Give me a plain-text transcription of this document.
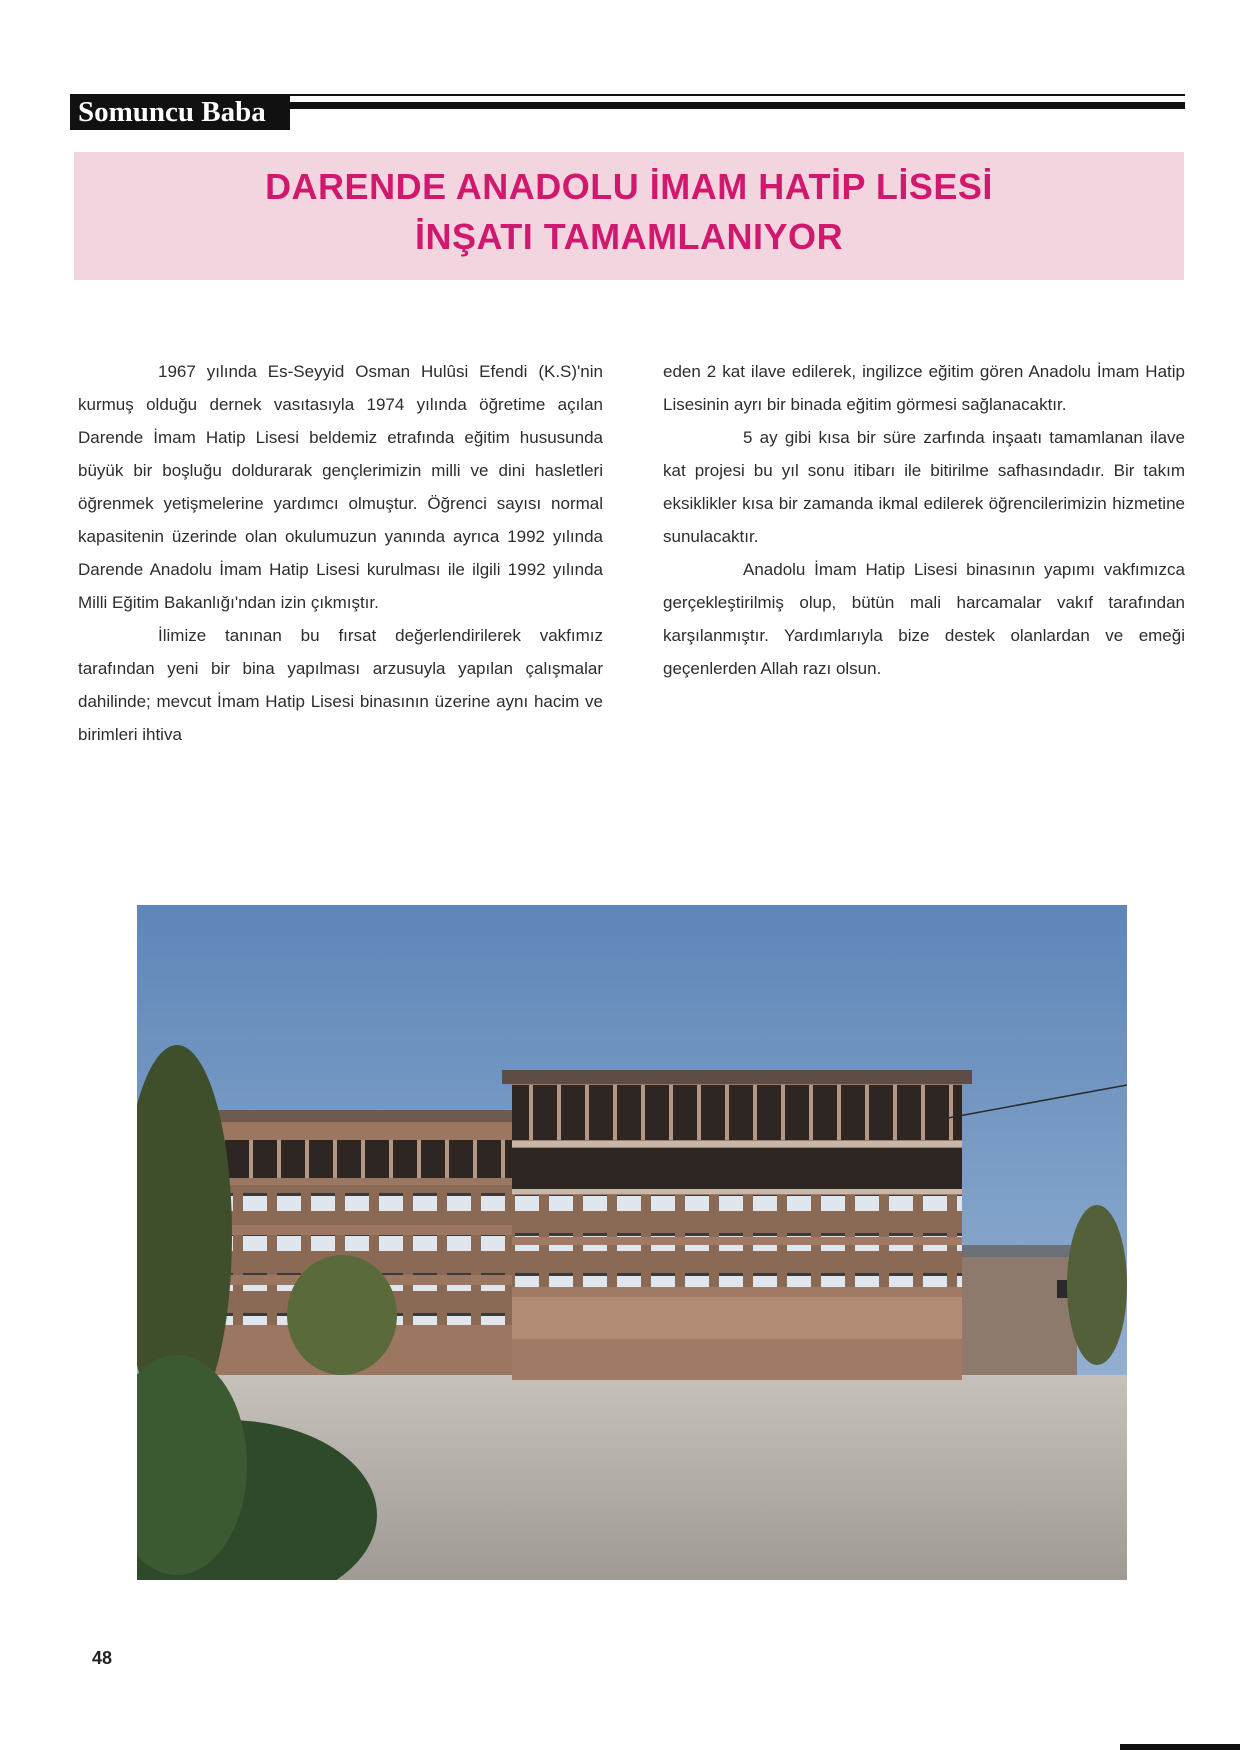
Somuncu Baba
DARENDE ANADOLU İMAM HATİP LİSESİ
İNŞATI TAMAMLANIYOR

1967 yılında Es-Seyyid Osman Hulûsi Efendi (K.S)'nin kurmuş olduğu dernek vasıtasıyla 1974 yılında öğretime açılan Darende İmam Hatip Lisesi beldemiz etrafında eğitim hususunda büyük bir boşluğu doldurarak gençlerimizin milli ve dini hasletleri öğrenmek yetişmelerine yardımcı olmuştur. Öğrenci sayısı normal kapasitenin üzerinde olan okulumuzun yanında ayrıca 1992 yılında Darende Anadolu İmam Hatip Lisesi kurulması ile ilgili 1992 yılında Milli Eğitim Bakanlığı'ndan izin çıkmıştır.

İlimize tanınan bu fırsat değerlendirilerek vakfımız tarafından yeni bir bina yapılması arzusuyla yapılan çalışmalar dahilinde; mevcut İmam Hatip Lisesi binasının üzerine aynı hacim ve birimleri ihtiva

eden 2 kat ilave edilerek, ingilizce eğitim gören Anadolu İmam Hatip Lisesinin ayrı bir binada eğitim görmesi sağlanacaktır.

5 ay gibi kısa bir süre zarfında inşaatı tamamlanan ilave kat projesi bu yıl sonu itibarı ile bitirilme safhasındadır. Bir takım eksiklikler kısa bir zamanda ikmal edilerek öğrencilerimizin hizmetine sunulacaktır.

Anadolu İmam Hatip Lisesi binasının yapımı vakfımızca gerçekleştirilmiş olup, bütün mali harcamalar vakıf tarafından karşılanmıştır. Yardımlarıyla bize destek olanlardan ve emeği geçenlerden Allah razı olsun.

48
